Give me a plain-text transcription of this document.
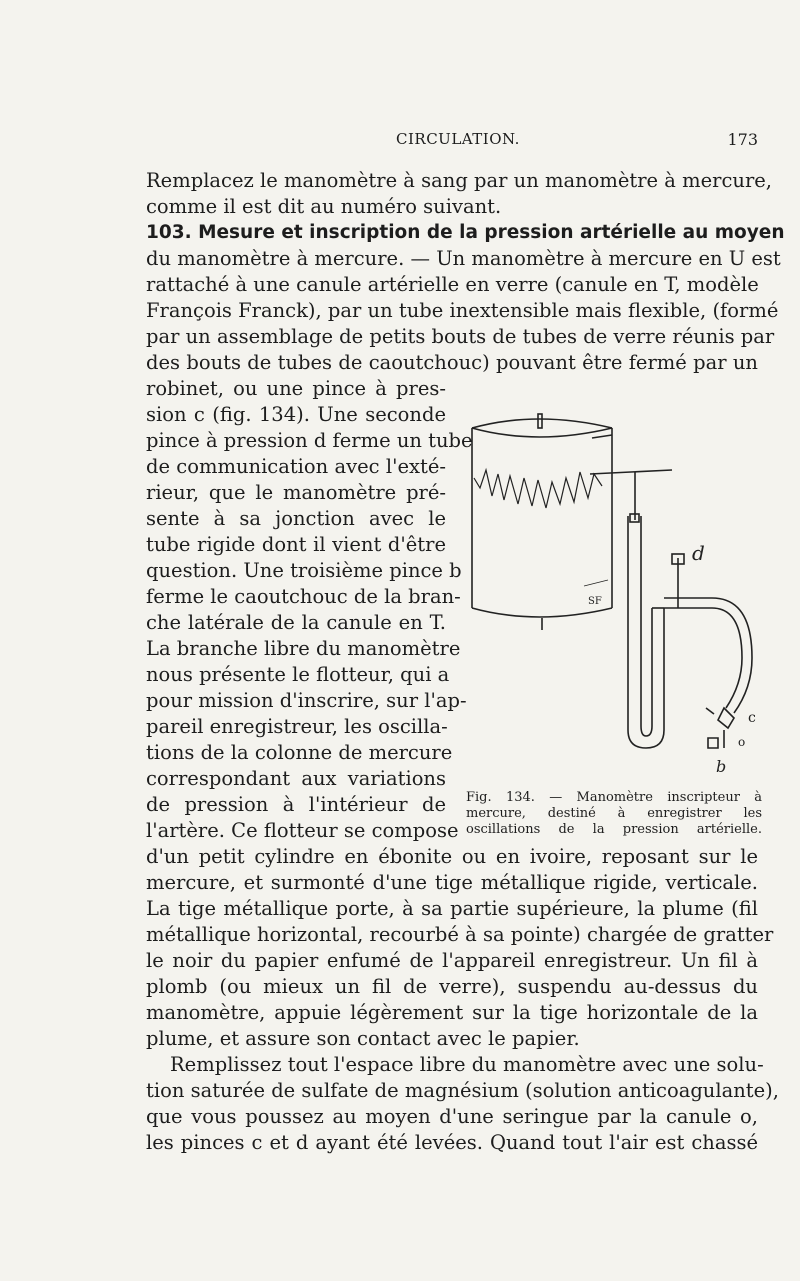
CIRCULATION.	173
Remplacez le manomètre à sang par un manomètre à mercure,
comme il est dit au numéro suivant.
103. Mesure et inscription de la pression artérielle au moyen
du manomètre à mercure. — Un manomètre à mercure en U est
rattaché à une canule artérielle en verre (canule en T, modèle
François Franck), par un tube inextensible mais flexible, (formé
par un assemblage de petits bouts de tubes de verre réunis par
des bouts de tubes de caoutchouc) pouvant être fermé par un
robinet, ou une pince à pres-
sion c (fig. 134). Une seconde
pince à pression d ferme un tube
de communication avec l'exté-
rieur, que le manomètre pré-
sente à sa jonction avec le
tube rigide dont il vient d'être
question. Une troisième pince b
ferme le caoutchouc de la bran-
che latérale de la canule en T.
La branche libre du manomètre
nous présente le flotteur, qui a
pour mission d'inscrire, sur l'ap-
pareil enregistreur, les oscilla-
tions de la colonne de mercure
correspondant aux variations
de pression à l'intérieur de
l'artère. Ce flotteur se compose
d'un petit cylindre en ébonite ou en ivoire, reposant sur le
mercure, et surmonté d'une tige métallique rigide, verticale.
La tige métallique porte, à sa partie supérieure, la plume (fil
métallique horizontal, recourbé à sa pointe) chargée de gratter
le noir du papier enfumé de l'appareil enregistreur. Un fil à
plomb (ou mieux un fil de verre), suspendu au-dessus du
manomètre, appuie légèrement sur la tige horizontale de la
plume, et assure son contact avec le papier.
Remplissez tout l'espace libre du manomètre avec une solu-
tion saturée de sulfate de magnésium (solution anticoagulante),
que vous poussez au moyen d'une seringue par la canule o,
les pinces c et d ayant été levées. Quand tout l'air est chassé
d
c
o
b
SF
Fig. 134. — Manomètre inscripteur à
mercure, destiné à enregistrer les
oscillations de la pression artérielle.
